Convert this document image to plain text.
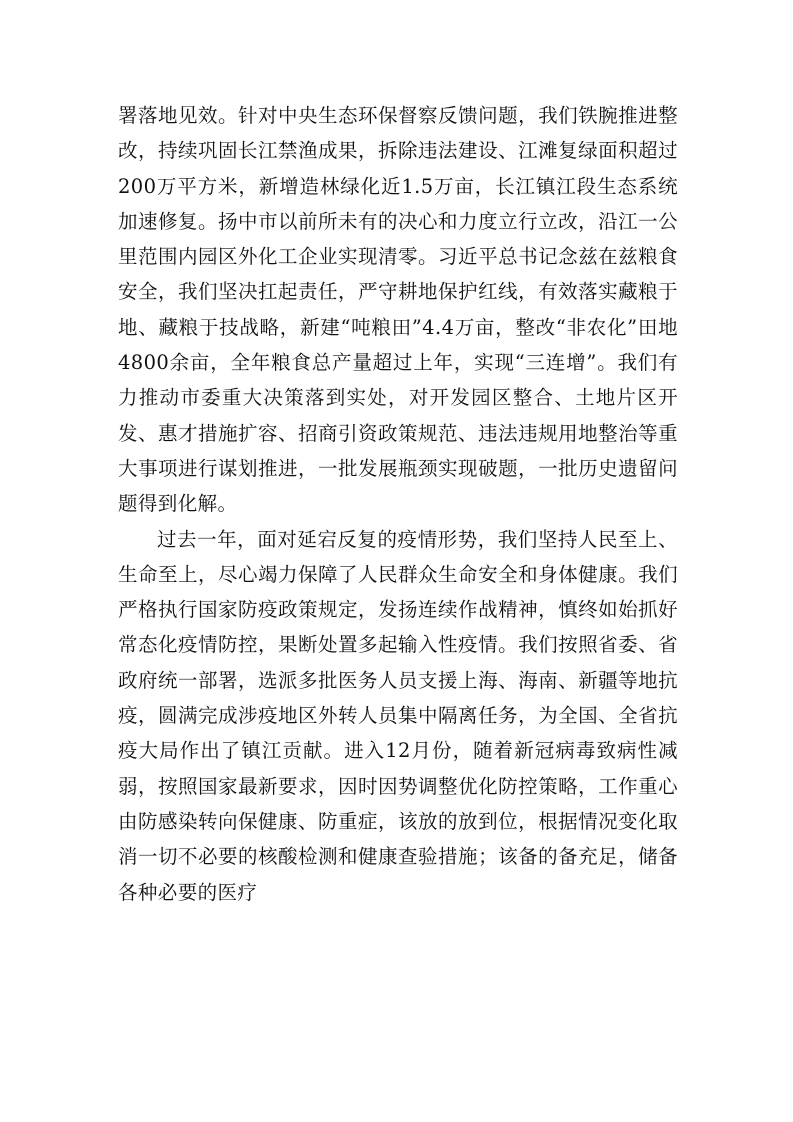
署落地见效。针对中央生态环保督察反馈问题，我们铁腕推进整改，持续巩固长江禁渔成果，拆除违法建设、江滩复绿面积超过200万平方米，新增造林绿化近1.5万亩，长江镇江段生态系统加速修复。扬中市以前所未有的决心和力度立行立改，沿江一公里范围内园区外化工企业实现清零。习近平总书记念兹在兹粮食安全，我们坚决扛起责任，严守耕地保护红线，有效落实藏粮于地、藏粮于技战略，新建“吨粮田”4.4万亩，整改“非农化”田地4800余亩，全年粮食总产量超过上年，实现“三连增”。我们有力推动市委重大决策落到实处，对开发园区整合、土地片区开发、惠才措施扩容、招商引资政策规范、违法违规用地整治等重大事项进行谋划推进，一批发展瓶颈实现破题，一批历史遗留问题得到化解。

过去一年，面对延宕反复的疫情形势，我们坚持人民至上、生命至上，尽心竭力保障了人民群众生命安全和身体健康。我们严格执行国家防疫政策规定，发扬连续作战精神，慎终如始抓好常态化疫情防控，果断处置多起输入性疫情。我们按照省委、省政府统一部署，选派多批医务人员支援上海、海南、新疆等地抗疫，圆满完成涉疫地区外转人员集中隔离任务，为全国、全省抗疫大局作出了镇江贡献。进入12月份，随着新冠病毒致病性减弱，按照国家最新要求，因时因势调整优化防控策略，工作重心由防感染转向保健康、防重症，该放的放到位，根据情况变化取消一切不必要的核酸检测和健康查验措施；该备的备充足，储备各种必要的医疗
